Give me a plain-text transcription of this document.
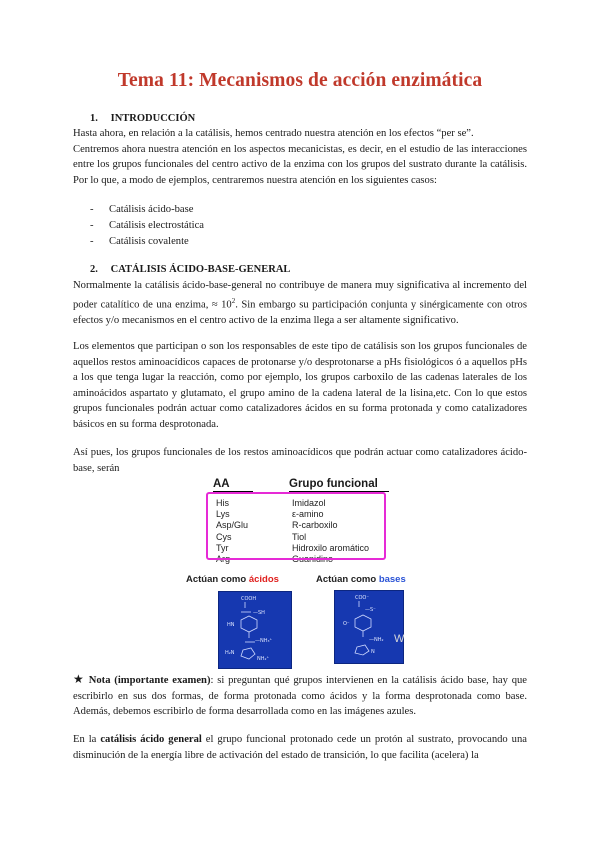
Tema 11: Mecanismos de acción enzimática
1. INTRODUCCIÓN

Hasta ahora, en relación a la catálisis, hemos centrado nuestra atención en los efectos “per se”.

Centremos ahora nuestra atención en los aspectos mecanicistas, es decir, en el estudio de las interacciones entre los grupos funcionales del centro activo de la enzima con los grupos del sustrato durante la catálisis. Por lo que, a modo de ejemplos, centraremos nuestra atención en los siguientes casos:

- Catálisis ácido-base
- Catálisis electrostática
- Catálisis covalente
2. CATÁLISIS ÁCIDO-BASE-GENERAL

Normalmente la catálisis ácido-base-general no contribuye de manera muy significativa al incremento del poder catalítico de una enzima, ≈ $10^2$. Sin embargo su participación conjunta y sinérgicamente con otros efectos y/o mecanismos en el centro activo de la enzima llega a ser altamente significativo.

Los elementos que participan o son los responsables de este tipo de catálisis son los grupos funcionales de aquellos restos aminoacídicos capaces de protonarse y/o desprotonarse a pHs fisiológicos ó a aquellos pHs a los que tenga lugar la reacción, como por ejemplo, los grupos carboxilo de las cadenas laterales de los aminoácidos aspartato y glutamato, el grupo amino de la cadena lateral de la lisina,etc. Con lo que estos grupos funcionales podrán actuar como catalizadores ácidos en su forma protonada y como catalizadores básicos en su forma desprotonada.

Así pues, los grupos funcionales de los restos aminoacídicos que podrán actuar como catalizadores ácido-base, serán

AA	Grupo funcional
His	Imidazol
Lys	ε-amino
Asp/Glu	R-carboxilo
Cys	Tiol
Tyr	Hidroxilo aromático
Arg	Guanidino
Actúan como ácidos	Actúan como bases
COOH
—SH
HN
—NH₃⁺
H₂N
NH₂⁺
COO⁻
—S⁻
O⁻
—NH₂
N
W

★ Nota (importante examen): si preguntan qué grupos intervienen en la catálisis ácido base, hay que escribirlo en sus dos formas, de forma protonada como ácidos y la forma desprotonada como base. Además, debemos escribirlo de forma desarrollada como en las imágenes azules.

En la catálisis ácido general el grupo funcional protonado cede un protón al sustrato, provocando una disminución de la energía libre de activación del estado de transición, lo que facilita (acelera) la
